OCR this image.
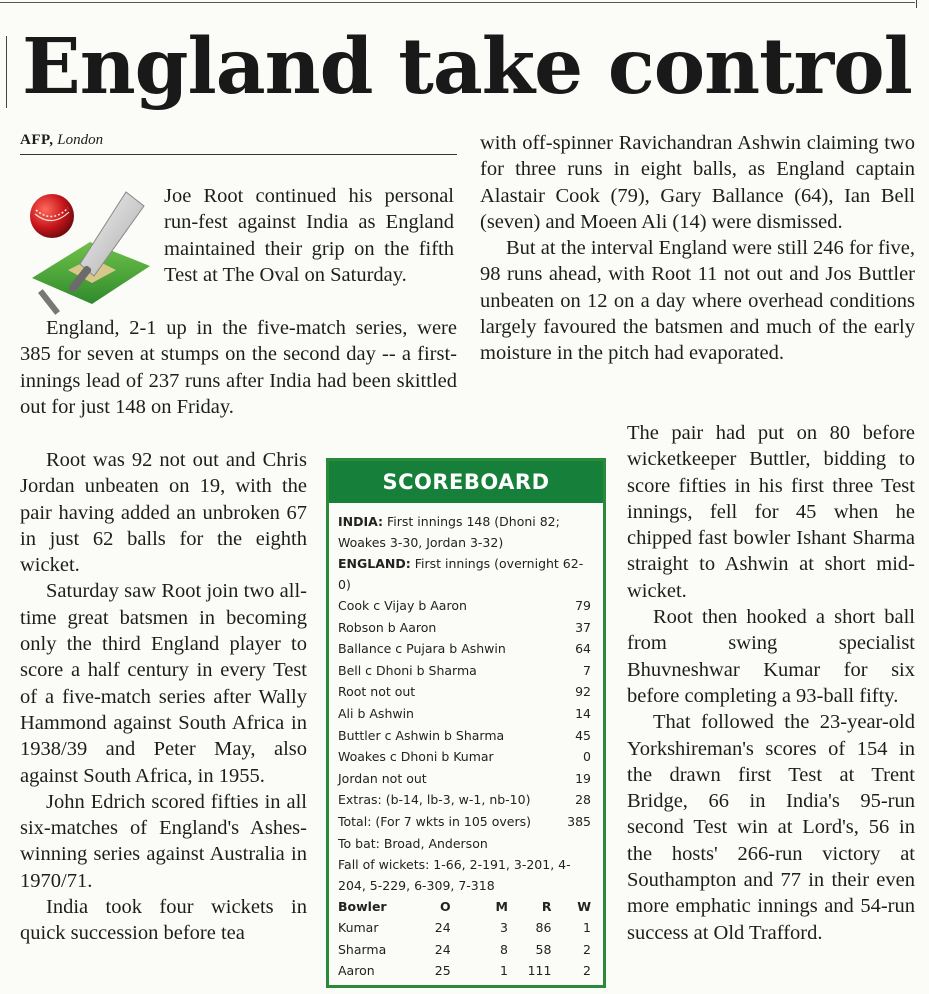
England take control
AFP, London

Joe Root continued his personal run-fest against India as England maintained their grip on the fifth Test at The Oval on Saturday.

England, 2-1 up in the five-match series, were 385 for seven at stumps on the second day -- a first-innings lead of 237 runs after India had been skittled out for just 148 on Friday.

Root was 92 not out and Chris Jordan unbeaten on 19, with the pair having added an unbroken 67 in just 62 balls for the eighth wicket.

Saturday saw Root join two all-time great batsmen in becoming only the third England player to score a half century in every Test of a five-match series after Wally Hammond against South Africa in 1938/39 and Peter May, also against South Africa, in 1955.

John Edrich scored fifties in all six-matches of England's Ashes-winning series against Australia in 1970/71.

India took four wickets in quick succession before tea

with off-spinner Ravichandran Ashwin claiming two for three runs in eight balls, as England captain Alastair Cook (79), Gary Ballance (64), Ian Bell (seven) and Moeen Ali (14) were dismissed.

But at the interval England were still 246 for five, 98 runs ahead, with Root 11 not out and Jos Buttler unbeaten on 12 on a day where overhead conditions largely favoured the batsmen and much of the early moisture in the pitch had evaporated.

The pair had put on 80 before wicketkeeper Buttler, bidding to score fifties in his first three Test innings, fell for 45 when he chipped fast bowler Ishant Sharma straight to Ashwin at short mid-wicket.

Root then hooked a short ball from swing specialist Bhuvneshwar Kumar for six before completing a 93-ball fifty.

That followed the 23-year-old Yorkshireman's scores of 154 in the drawn first Test at Trent Bridge, 66 in India's 95-run second Test win at Lord's, 56 in the hosts' 266-run victory at Southampton and 77 in their even more emphatic innings and 54-run success at Old Trafford.

SCOREBOARD

INDIA: First innings 148 (Dhoni 82; Woakes 3-30, Jordan 3-32)

ENGLAND: First innings (overnight 62-0)

Cook c Vijay b Aaron	79
Robson b Aaron	37
Ballance c Pujara b Ashwin	64
Bell c Dhoni b Sharma	7
Root not out	92
Ali b Ashwin	14
Buttler c Ashwin b Sharma	45
Woakes c Dhoni b Kumar	0
Jordan not out	19
Extras: (b-14, lb-3, w-1, nb-10)	28
Total: (For 7 wkts in 105 overs)	385

To bat: Broad, Anderson

Fall of wickets: 1-66, 2-191, 3-201, 4-204, 5-229, 6-309, 7-318

Bowler	O	M	R	W
Kumar	24	3	86	1
Sharma	24	8	58	2
Aaron	25	1	111	2
